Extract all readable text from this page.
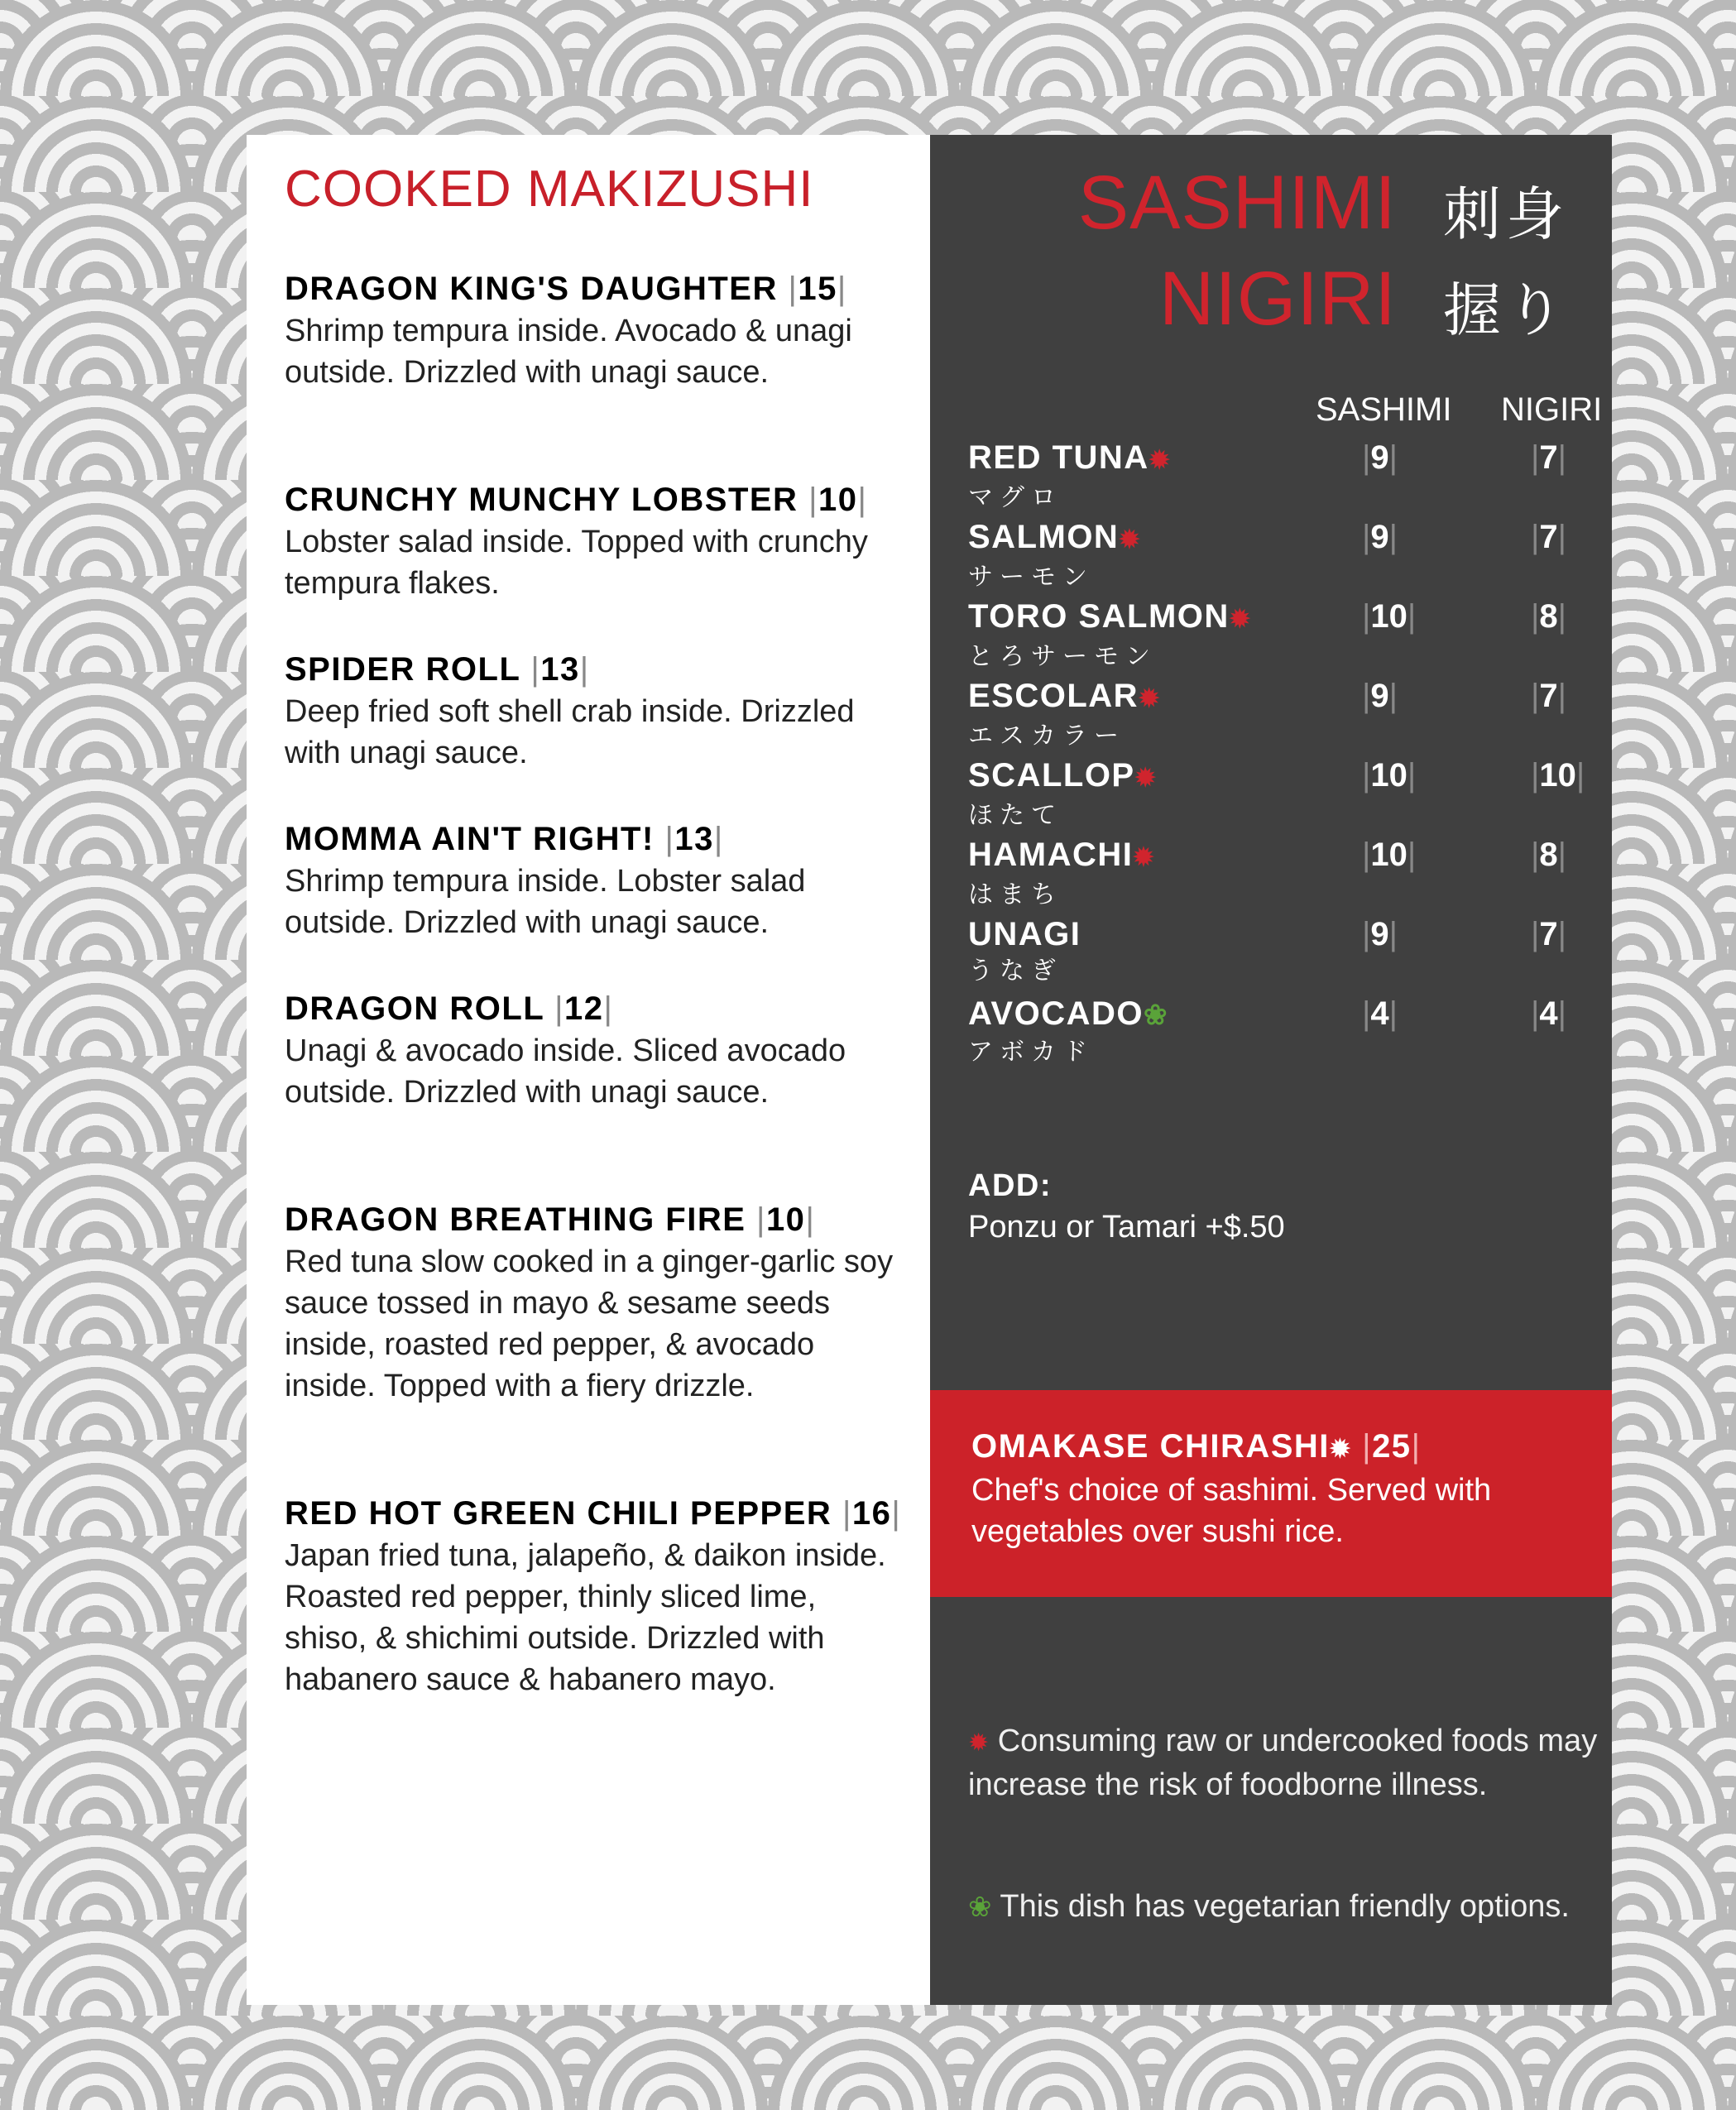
COOKED MAKIZUSHI
DRAGON KING'S DAUGHTER |15|
Shrimp tempura inside. Avocado & unagi outside. Drizzled with unagi sauce.
CRUNCHY MUNCHY LOBSTER |10|
Lobster salad inside. Topped with crunchy tempura flakes.
SPIDER ROLL |13|
Deep fried soft shell crab inside. Drizzled with unagi sauce.
MOMMA AIN'T RIGHT! |13|
Shrimp tempura inside. Lobster salad outside. Drizzled with unagi sauce.
DRAGON ROLL |12|
Unagi & avocado inside. Sliced avocado outside. Drizzled with unagi sauce.
DRAGON BREATHING FIRE |10|
Red tuna slow cooked in a ginger-garlic soy sauce tossed in mayo & sesame seeds inside, roasted red pepper, & avocado inside. Topped with a fiery drizzle.
RED HOT GREEN CHILI PEPPER |16|
Japan fried tuna, jalapeño, & daikon inside. Roasted red pepper, thinly sliced lime, shiso, & shichimi outside. Drizzled with habanero sauce & habanero mayo.
SASHIMI 刺身
NIGIRI 握り
SASHIMI NIGIRI
RED TUNA✹
マグロ
|9|	|7|
SALMON✹
サーモン
|9|	|7|
TORO SALMON✹
とろサーモン
|10|	|8|
ESCOLAR✹
エスカラー
|9|	|7|
SCALLOP✹
ほたて
|10|	|10|
HAMACHI✹
はまち
|10|	|8|
UNAGI
うなぎ
|9|	|7|
AVOCADO❀
アボカド
|4|	|4|
ADD:
Ponzu or Tamari +$.50
OMAKASE CHIRASHI✹ |25|
Chef's choice of sashimi. Served with vegetables over sushi rice.
✹ Consuming raw or undercooked foods may increase the risk of foodborne illness.
❀ This dish has vegetarian friendly options.
